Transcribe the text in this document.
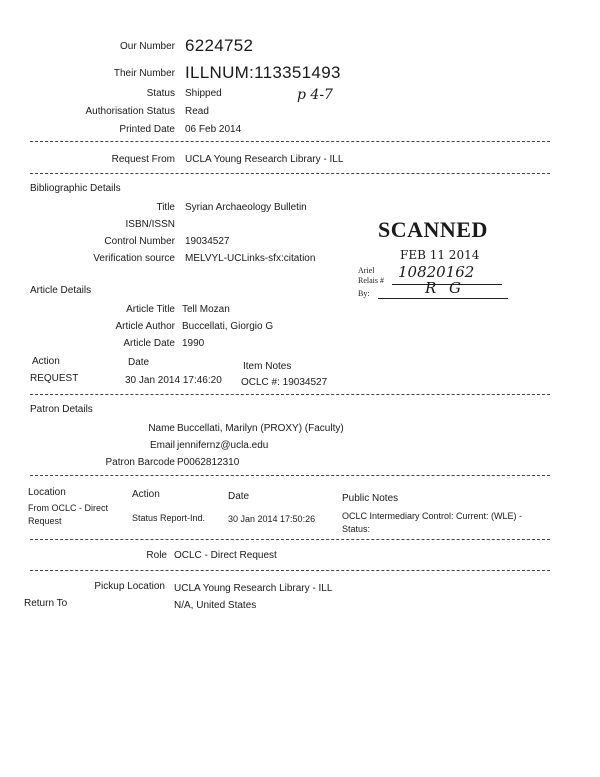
Our Number 6224752
Their Number ILLNUM:113351493
Status Shipped	p 4-7
Authorisation Status Read
Printed Date 06 Feb 2014
Request From UCLA Young Research Library - ILL
Bibliographic Details
Title Syrian Archaeology Bulletin
ISBN/ISSN
Control Number 19034527
Verification source MELVYL-UCLinks-sfx:citation
SCANNED
FEB 11 2014
Ariel
Relais # 10820162
By:	R G
Article Details
Article Title Tell Mozan
Article Author Buccellati, Giorgio G
Article Date 1990
Action	Date	Item Notes
REQUEST	30 Jan 2014 17:46:20 OCLC #: 19034527
Patron Details
Name Buccellati, Marilyn (PROXY) (Faculty)
Email jennifernz@ucla.edu
Patron Barcode P0062812310
Location	Action	Date	Public Notes
From OCLC - Direct
Request	Status Report-Ind.	30 Jan 2014 17:50:26	OCLC Intermediary Control: Current: (WLE) -
Status:
Role OCLC - Direct Request
Pickup Location UCLA Young Research Library - ILL
Return To	N/A, United States
